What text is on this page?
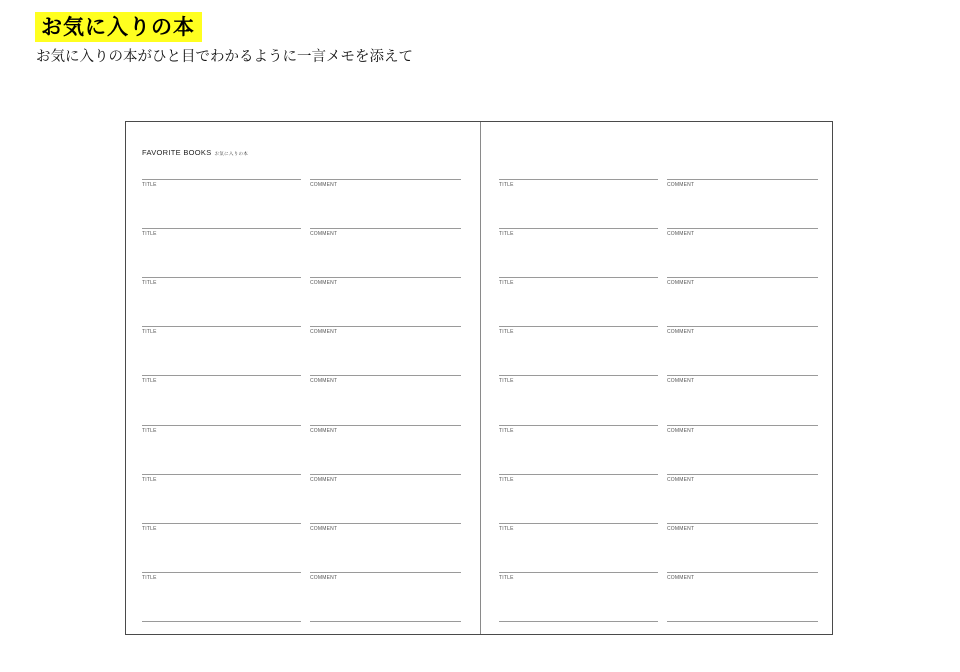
お気に入りの本
お気に入りの本がひと目でわかるように一言メモを添えて
FAVORITE BOOKS お気に入りの本
TITLE	COMMENT	TITLE	COMMENT
TITLE	COMMENT	TITLE	COMMENT
TITLE	COMMENT	TITLE	COMMENT
TITLE	COMMENT	TITLE	COMMENT
TITLE	COMMENT	TITLE	COMMENT
TITLE	COMMENT	TITLE	COMMENT
TITLE	COMMENT	TITLE	COMMENT
TITLE	COMMENT	TITLE	COMMENT
TITLE	COMMENT	TITLE	COMMENT
